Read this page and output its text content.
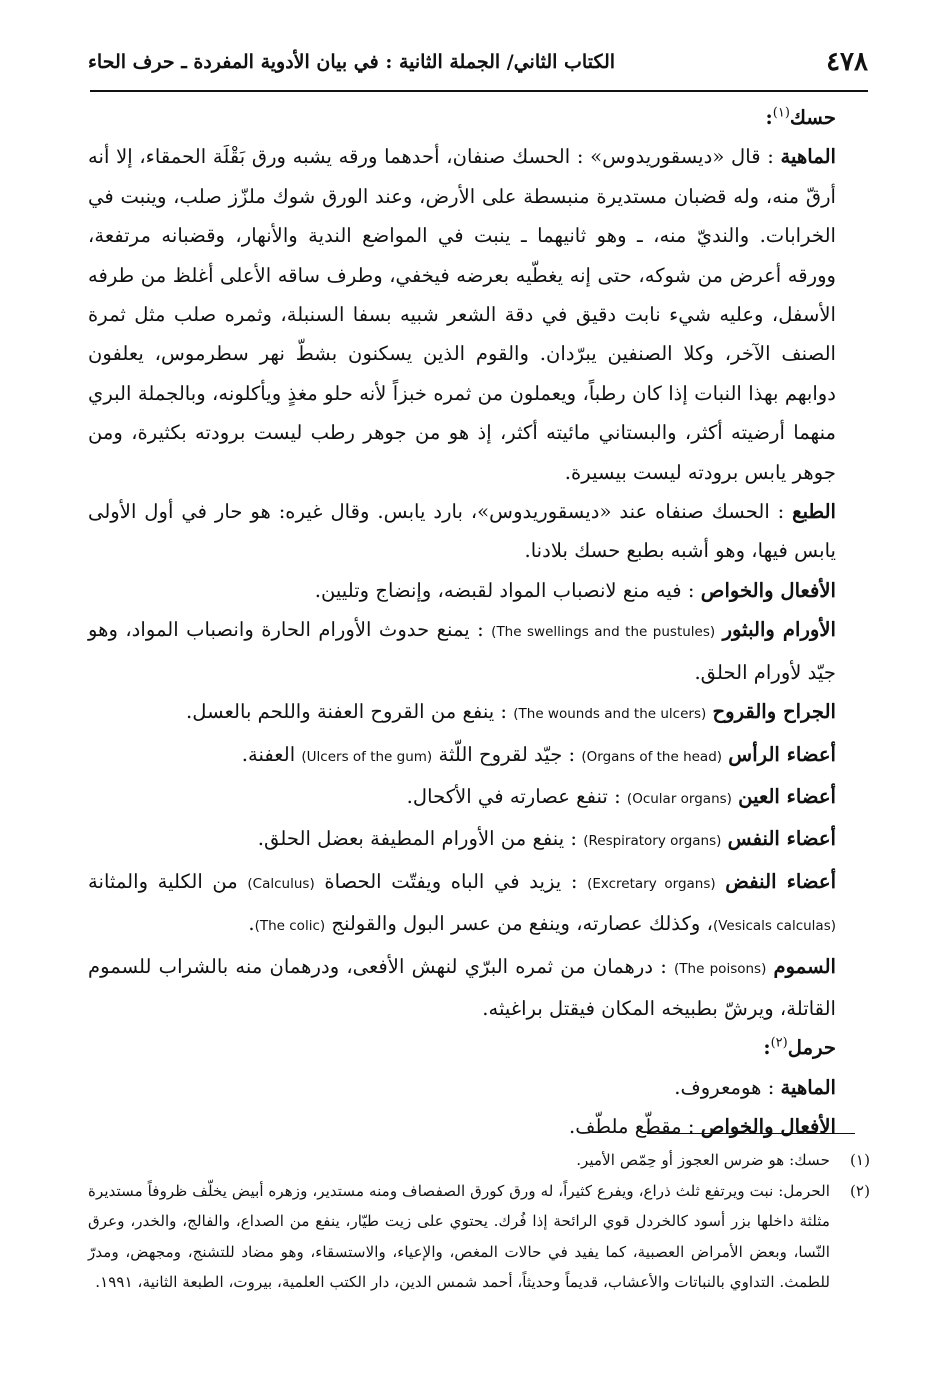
٤٧٨
الكتاب الثاني/ الجملة الثانية : في بيان الأدوية المفردة ـ حرف الحاء

حسك$^{(١)}$:

الماهية : قال «ديسقوريدوس» : الحسك صنفان، أحدهما ورقه يشبه ورق بَقْلَة الحمقاء، إلا أنه أرقّ منه، وله قضبان مستديرة منبسطة على الأرض، وعند الورق شوك ملزّز صلب، وينبت في الخرابات. والنديّ منه، ـ وهو ثانيهما ـ ينبت في المواضع الندية والأنهار، وقضبانه مرتفعة، وورقه أعرض من شوكه، حتى إنه يغطّيه بعرضه فيخفي، وطرف ساقه الأعلى أغلظ من طرفه الأسفل، وعليه شيء نابت دقيق في دقة الشعر شبيه بسفا السنبلة، وثمره صلب مثل ثمرة الصنف الآخر، وكلا الصنفين يبرّدان. والقوم الذين يسكنون بشطّ نهر سطرموس، يعلفون دوابهم بهذا النبات إذا كان رطباً، ويعملون من ثمره خبزاً لأنه حلو مغذٍ ويأكلونه، وبالجملة البري منهما أرضيته أكثر، والبستاني مائيته أكثر، إذ هو من جوهر رطب ليست برودته بكثيرة، ومن جوهر يابس برودته ليست بيسيرة.

الطبع : الحسك صنفاه عند «ديسقوريدوس»، بارد يابس. وقال غيره: هو حار في أول الأولى يابس فيها، وهو أشبه بطبع حسك بلادنا.

الأفعال والخواص : فيه منع لانصباب المواد لقبضه، وإنضاج وتليين.

الأورام والبثور (The swellings and the pustules) : يمنع حدوث الأورام الحارة وانصباب المواد، وهو جيّد لأورام الحلق.

الجراح والقروح (The wounds and the ulcers) : ينفع من القروح العفنة واللحم بالعسل.

أعضاء الرأس (Organs of the head) : جيّد لقروح اللّثة (Ulcers of the gum) العفنة.

أعضاء العين (Ocular organs) : تنفع عصارته في الأكحال.

أعضاء النفس (Respiratory organs) : ينفع من الأورام المطيفة بعضل الحلق.

أعضاء النفض (Excretary organs) : يزيد في الباه ويفتّت الحصاة (Calculus) من الكلية والمثانة (Vesicals calculas)، وكذلك عصارته، وينفع من عسر البول والقولنج (The colic).

السموم (The poisons) : درهمان من ثمره البرّي لنهش الأفعى، ودرهمان منه بالشراب للسموم القاتلة، ويرشّ بطبيخه المكان فيقتل براغيثه.

حرمل$^{(٢)}$:

الماهية : هومعروف.

الأفعال والخواص : مقطّع ملطّف.

(١)
حسك: هو ضرس العجوز أو حِمّص الأمير.
(٢)
الحرمل: نبت ويرتفع ثلث ذراع، ويفرع كثيراً، له ورق كورق الصفصاف ومنه مستدير، وزهره أبيض يخلّف ظروفاً مستديرة مثلثة داخلها بزر أسود كالخردل قوي الرائحة إذا فُرك. يحتوي على زيت طيّار، ينفع من الصداع، والفالج، والخدر، وعرق النّسا، وبعض الأمراض العصبية، كما يفيد في حالات المغص، والإعياء، والاستسقاء، وهو مضاد للتشنج، ومجهض، ومدرّ للطمث. التداوي بالنباتات والأعشاب، قديماً وحديثاً، أحمد شمس الدين، دار الكتب العلمية، بيروت، الطبعة الثانية، ١٩٩١.
